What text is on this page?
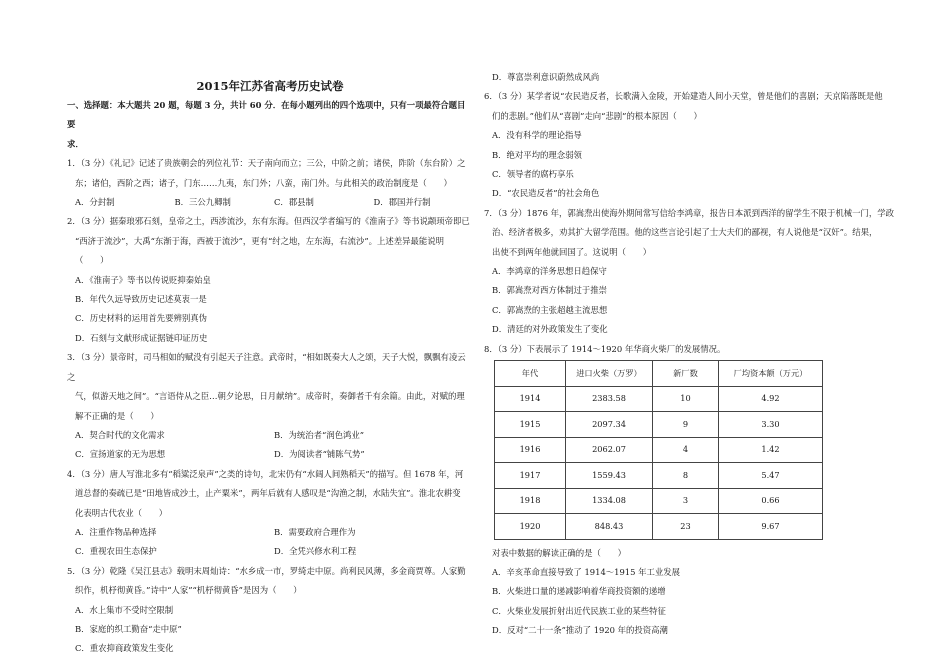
2015年江苏省高考历史试卷

一、选择题：本大题共 20 题，每题 3 分，共计 60 分．在每小题列出的四个选项中，只有一项最符合题目要

求．

1．（3 分）《礼记》记述了贵族朝会的列位礼节：天子南向而立；三公，中阶之前；诸侯，阼阶（东台阶）之

东；诸伯，西阶之西；诸子，门东……九夷，东门外；八蛮，南门外。与此相关的政治制度是（　　）

A．分封制	B．三公九卿制	C．郡县制	D．郡国并行制

2．（3 分）据秦琅邪石刻，皇帝之土，西涉流沙，东有东海。但西汉学者编写的《淮南子》等书说颛顼帝即已

“西济于流沙”，大禹“东渐于海，西被于流沙”，更有“纣之地，左东海，右流沙”。上述差异最能说明

（　　）

A．《淮南子》等书以传说贬抑秦始皇
B．年代久远导致历史记述莫衷一是
C．历史材料的运用首先要辨别真伪
D．石刻与文献形成证据链印证历史

3．（3 分）景帝时，司马相如的赋没有引起天子注意。武帝时，“相如既奏大人之颂，天子大悦，飘飘有凌云之

气，似游天地之间”。“言语侍从之臣…朝夕论思，日月献纳”。成帝时，奏御者千有余篇。由此，对赋的理

解不正确的是（　　）

A．契合时代的文化需求	B．为统治者“润色鸿业”
C．宣扬道家的无为思想	D．为阅读者“铺陈气势”

4．（3 分）唐人写淮北多有“稻粱泛泉声”之类的诗句，北宋仍有“水阔人间熟稻天”的描写。但 1678 年，河

道总督的奏疏已是“田地皆成沙土，止产粟米”，两年后就有人感叹是“沟渔之制，水陆失宜”。淮北农耕变

化表明古代农业（　　）

A．注重作物品种选择	B．需要政府合理作为
C．重视农田生态保护	D．全凭兴修水利工程

5．（3 分）乾隆《吴江县志》载明末周灿诗：“水乡成一市，罗绮走中原。尚利民风薄，多金商贾尊。人家勤

织作，机杼彻黄昏。”诗中“人家”“机杼彻黄昏”是因为（　　）

A．水上集市不受时空限制
B．家庭的织工勤奋“走中原”
C．重农抑商政策发生变化

D．尊富崇利意识蔚然成风尚

6．（3 分）某学者说“农民造反者，长歌满入金陵，开始建造人间小天堂，曾是他们的喜剧；天京陷落既是他

们的悲剧。”他们从“喜剧”走向“悲剧”的根本原因（　　）

A．没有科学的理论指导
B．绝对平均的理念弱领
C．领导者的腐朽享乐
D．“农民造反者”的社会角色

7．（3 分）1876 年，郭嵩焘出使海外期间常写信给李鸿章，报告日本派到西洋的留学生不限于机械一门，学政

治、经济者极多，劝其扩大留学范围。他的这些言论引起了士大夫们的鄙视，有人说他是“汉奸”。结果，

出使不到两年他就回国了。这说明（　　）

A．李鸿章的洋务思想日趋保守
B．郭嵩焘对西方体制过于推崇
C．郭嵩焘的主张超越主流思想
D．清廷的对外政策发生了变化

8．（3 分）下表展示了 1914～1920 年华商火柴厂的发展情况。

年代	进口火柴（万罗）	新厂数	厂均资本额（万元）
1914	2383.58	10	4.92
1915	2097.34	9	3.30
1916	2062.07	4	1.42
1917	1559.43	8	5.47
1918	1334.08	3	0.66
1920	848.43	23	9.67

对表中数据的解读正确的是（　　）

A．辛亥革命直接导致了 1914～1915 年工业发展

B．火柴进口量的递减影响着华商投资额的递增

C．火柴业发展折射出近代民族工业的某些特征

D．反对“二十一条”推动了 1920 年的投资高潮
